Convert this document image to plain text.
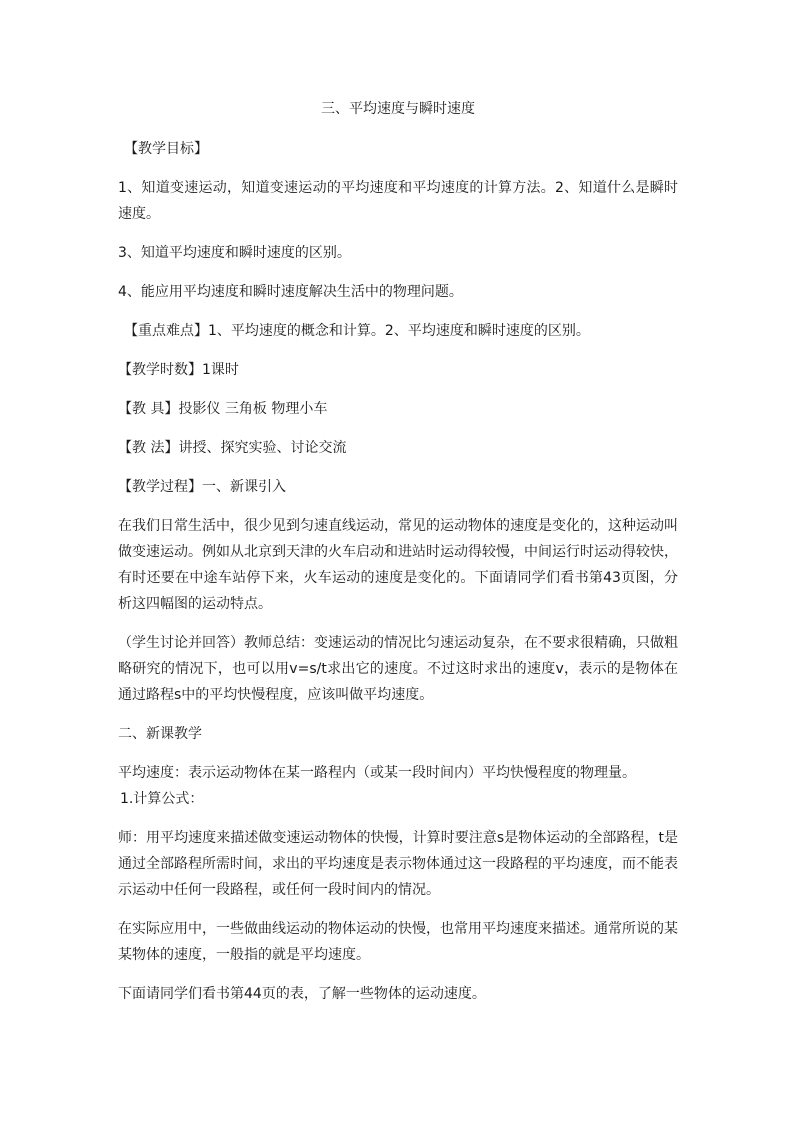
三、平均速度与瞬时速度

【教学目标】

1、知道变速运动，知道变速运动的平均速度和平均速度的计算方法。2、知道什么是瞬时速度。

3、知道平均速度和瞬时速度的区别。

4、能应用平均速度和瞬时速度解决生活中的物理问题。

【重点难点】1、平均速度的概念和计算。2、平均速度和瞬时速度的区别。

【教学时数】1课时

【教 具】投影仪 三角板 物理小车

【教 法】讲授、探究实验、讨论交流

【教学过程】一、新课引入

在我们日常生活中，很少见到匀速直线运动，常见的运动物体的速度是变化的，这种运动叫做变速运动。例如从北京到天津的火车启动和进站时运动得较慢，中间运行时运动得较快，有时还要在中途车站停下来，火车运动的速度是变化的。下面请同学们看书第43页图，分析这四幅图的运动特点。

（学生讨论并回答）教师总结：变速运动的情况比匀速运动复杂，在不要求很精确，只做粗略研究的情况下，也可以用v=s/t求出它的速度。不过这时求出的速度v，表示的是物体在通过路程s中的平均快慢程度，应该叫做平均速度。

二、新课教学

平均速度：表示运动物体在某一路程内（或某一段时间内）平均快慢程度的物理量。
1.计算公式：

师：用平均速度来描述做变速运动物体的快慢，计算时要注意s是物体运动的全部路程，t是通过全部路程所需时间，求出的平均速度是表示物体通过这一段路程的平均速度，而不能表示运动中任何一段路程，或任何一段时间内的情况。

在实际应用中，一些做曲线运动的物体运动的快慢，也常用平均速度来描述。通常所说的某某物体的速度，一般指的就是平均速度。

下面请同学们看书第44页的表，了解一些物体的运动速度。
